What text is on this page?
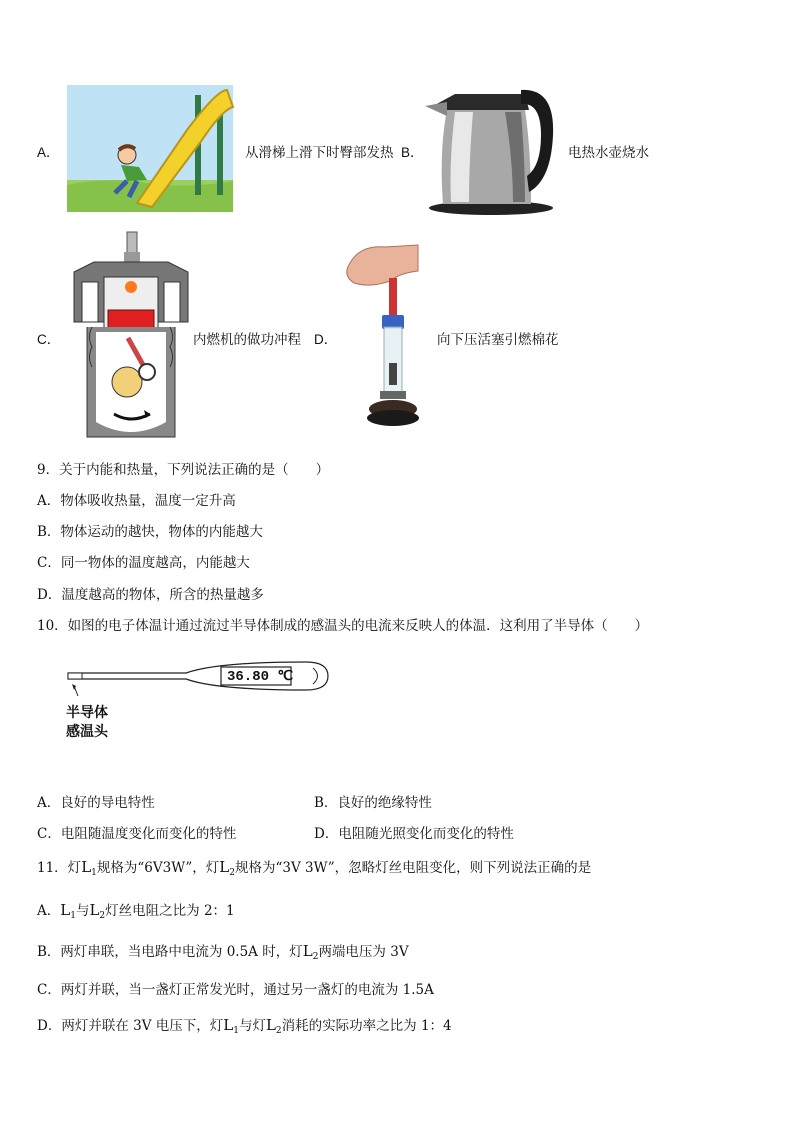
A．	从滑梯上滑下时臀部发热 B．	电热水壶烧水
C．	内燃机的做功冲程 D．	向下压活塞引燃棉花
9．关于内能和热量，下列说法正确的是（　　）
A．物体吸收热量，温度一定升高
B．物体运动的越快，物体的内能越大
C．同一物体的温度越高，内能越大
D．温度越高的物体，所含的热量越多
10．如图的电子体温计通过流过半导体制成的感温头的电流来反映人的体温．这利用了半导体（　　）
36.80 ℃
半导体
感温头
A．良好的导电特性	B．良好的绝缘特性
C．电阻随温度变化而变化的特性	D．电阻随光照变化而变化的特性
11．灯$L_1$规格为“6V3W”，灯$L_2$规格为“3V 3W”，忽略灯丝电阻变化，则下列说法正确的是
A．$L_1$与$L_2$灯丝电阻之比为 2：1
B．两灯串联，当电路中电流为 0.5A 时，灯$L_2$两端电压为 3V
C．两灯并联，当一盏灯正常发光时，通过另一盏灯的电流为 1.5A
D．两灯并联在 3V 电压下，灯$L_1$与灯$L_2$消耗的实际功率之比为 1：4
